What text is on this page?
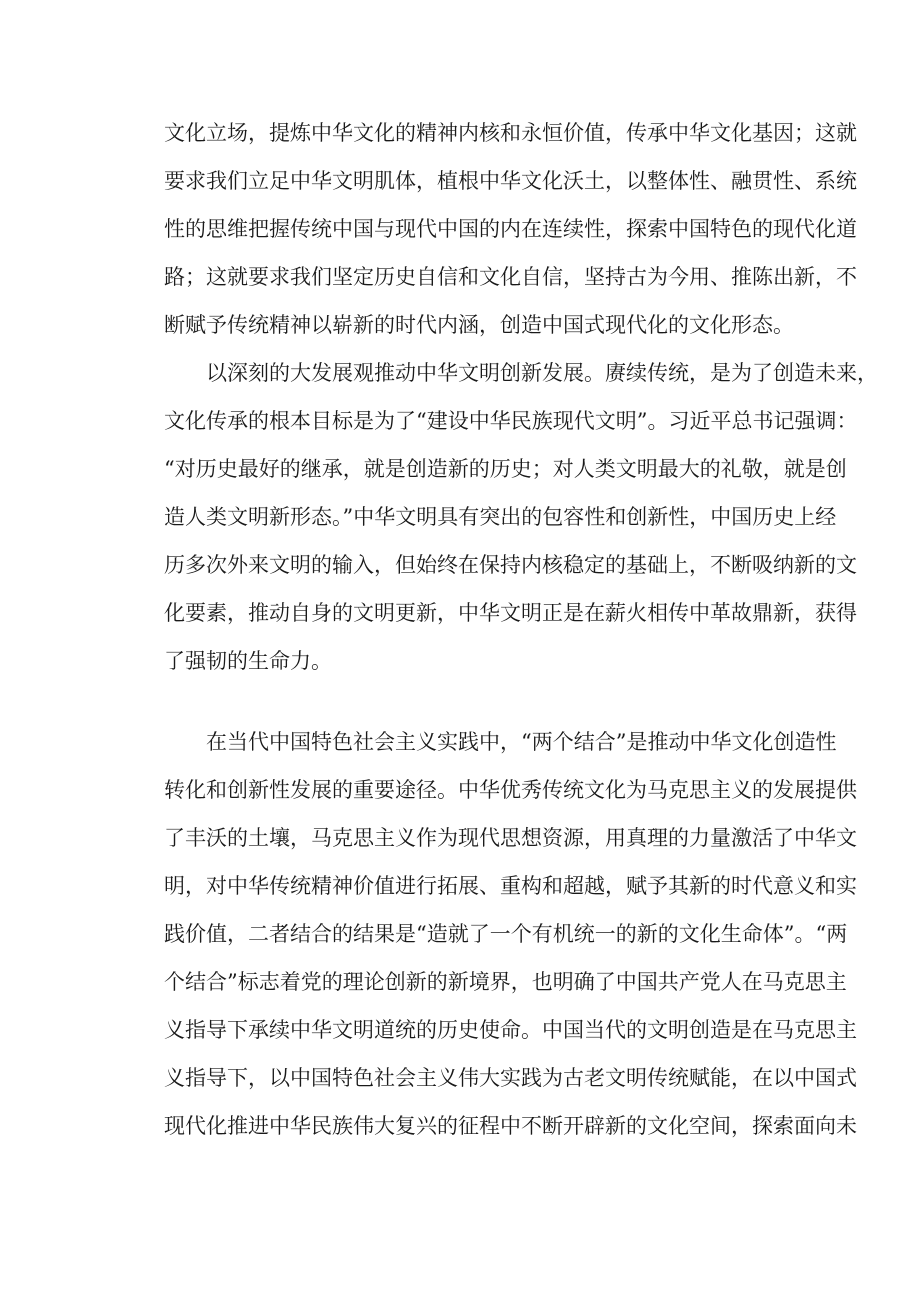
文化立场，提炼中华文化的精神内核和永恒价值，传承中华文化基因；这就
要求我们立足中华文明肌体，植根中华文化沃土，以整体性、融贯性、系统
性的思维把握传统中国与现代中国的内在连续性，探索中国特色的现代化道
路；这就要求我们坚定历史自信和文化自信，坚持古为今用、推陈出新，不
断赋予传统精神以崭新的时代内涵，创造中国式现代化的文化形态。
以深刻的大发展观推动中华文明创新发展。赓续传统，是为了创造未来，
文化传承的根本目标是为了“建设中华民族现代文明”。习近平总书记强调：
“对历史最好的继承，就是创造新的历史；对人类文明最大的礼敬，就是创
造人类文明新形态。”中华文明具有突出的包容性和创新性，中国历史上经
历多次外来文明的输入，但始终在保持内核稳定的基础上，不断吸纳新的文
化要素，推动自身的文明更新，中华文明正是在薪火相传中革故鼎新，获得
了强韧的生命力。
在当代中国特色社会主义实践中，“两个结合”是推动中华文化创造性
转化和创新性发展的重要途径。中华优秀传统文化为马克思主义的发展提供
了丰沃的土壤，马克思主义作为现代思想资源，用真理的力量激活了中华文
明，对中华传统精神价值进行拓展、重构和超越，赋予其新的时代意义和实
践价值，二者结合的结果是“造就了一个有机统一的新的文化生命体”。“两
个结合”标志着党的理论创新的新境界，也明确了中国共产党人在马克思主
义指导下承续中华文明道统的历史使命。中国当代的文明创造是在马克思主
义指导下，以中国特色社会主义伟大实践为古老文明传统赋能，在以中国式
现代化推进中华民族伟大复兴的征程中不断开辟新的文化空间，探索面向未
